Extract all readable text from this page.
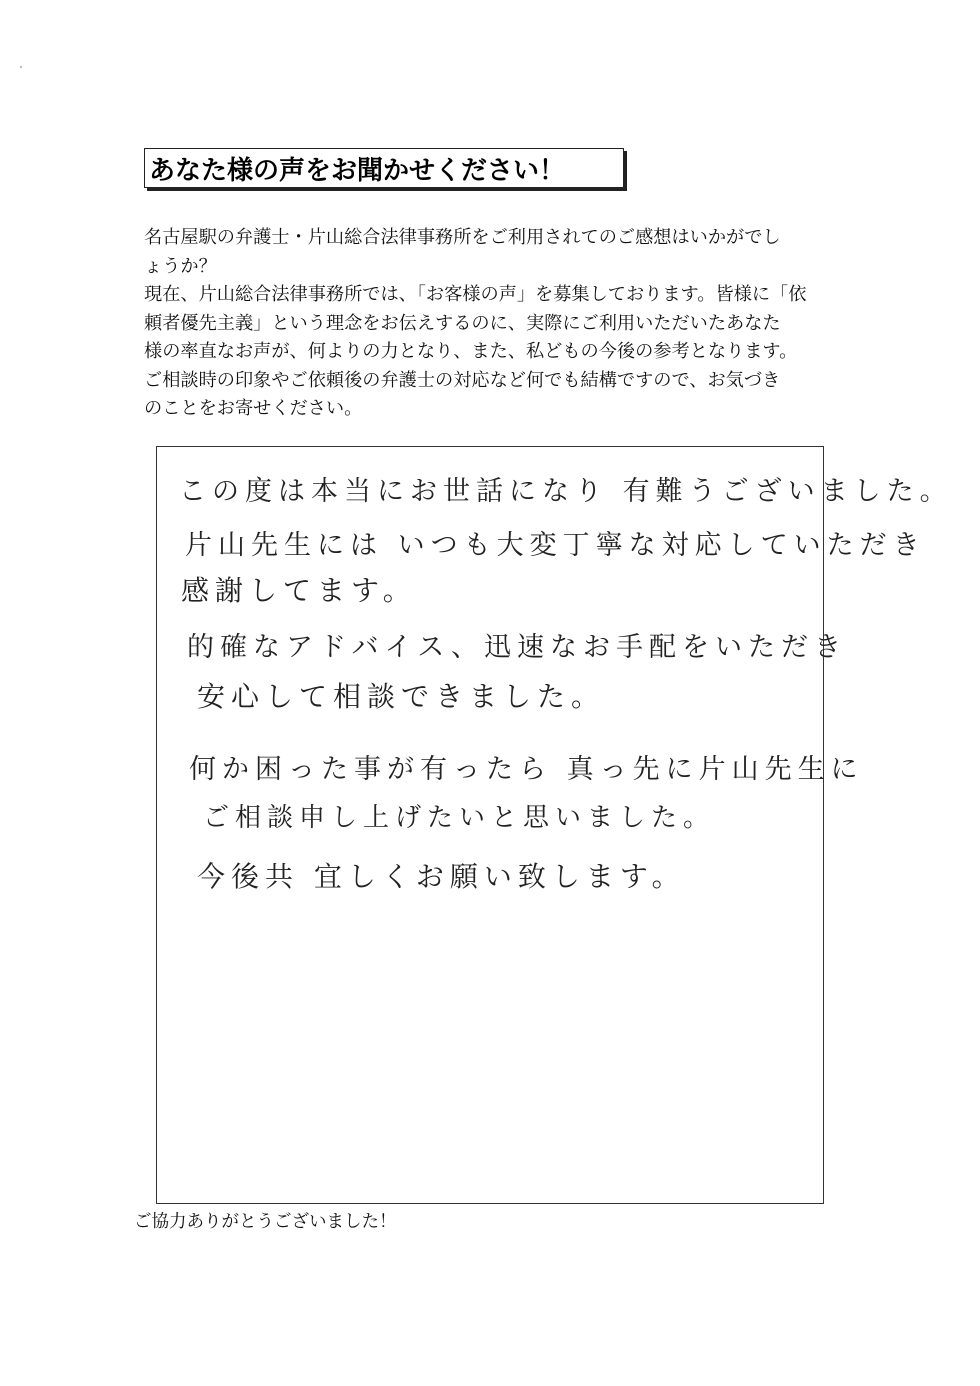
あなた様の声をお聞かせください！

名古屋駅の弁護士・片山総合法律事務所をご利用されてのご感想はいかがでし

ょうか？

現在、片山総合法律事務所では、「お客様の声」を募集しております。皆様に「依

頼者優先主義」という理念をお伝えするのに、実際にご利用いただいたあなた

様の率直なお声が、何よりの力となり、また、私どもの今後の参考となります。

ご相談時の印象やご依頼後の弁護士の対応など何でも結構ですので、お気づき

のことをお寄せください。

この度は本当にお世話になり 有難うございました。
片山先生には いつも大変丁寧な対応していただき
感謝してます。
的確なアドバイス、迅速なお手配をいただき
安心して相談できました。
何か困った事が有ったら 真っ先に片山先生に
ご相談申し上げたいと思いました。
今後共 宜しくお願い致します。
ご協力ありがとうございました！
